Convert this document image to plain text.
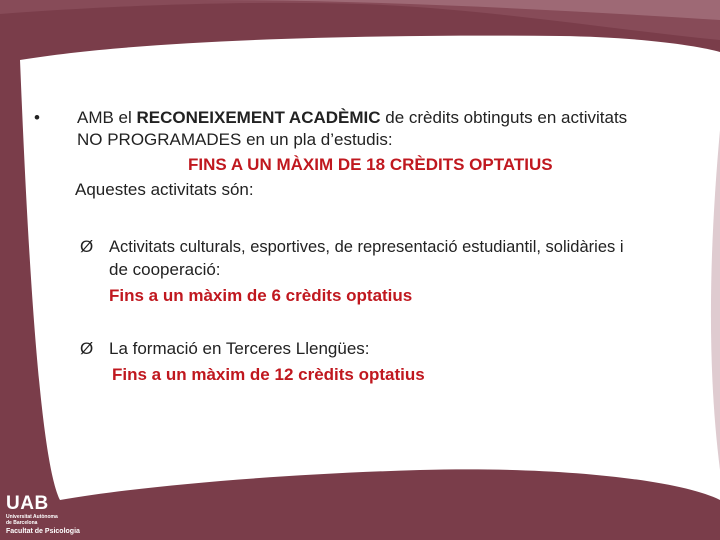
• AMB el RECONEIXEMENT ACADÈMIC de crèdits obtinguts en activitats
NO PROGRAMADES en un pla d’estudis:
FINS A UN MÀXIM DE 18 CRÈDITS OPTATIUS
Aquestes activitats són:
Ø Activitats culturals, esportives, de representació estudiantil, solidàries i
de cooperació:
Fins a un màxim de 6 crèdits optatius
Ø La formació en Terceres Llengües:
Fins a un màxim de 12 crèdits optatius
UAB
Universitat Autònoma
de Barcelona
Facultat de Psicologia
